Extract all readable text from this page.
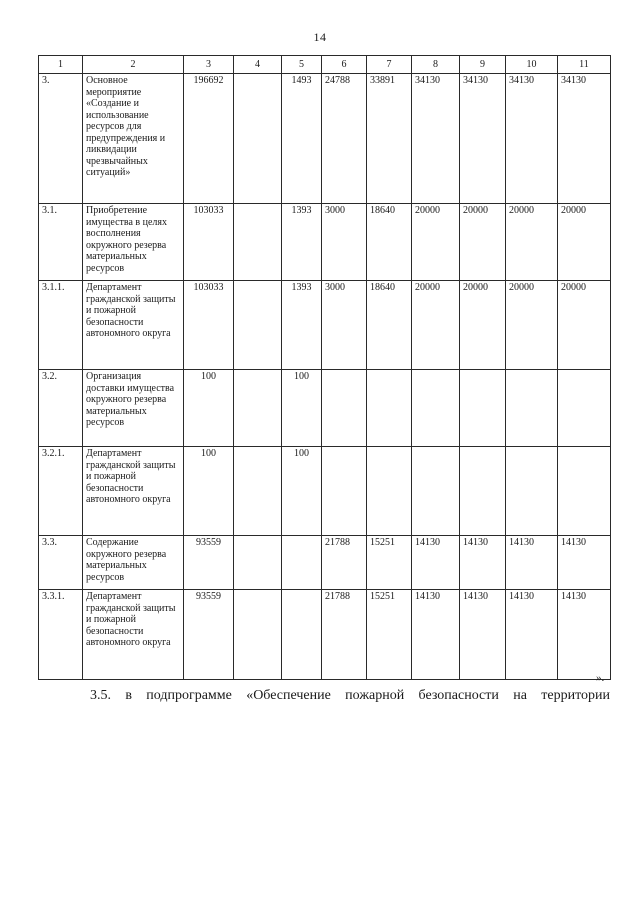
14
1	2	3	4	5	6	7	8	9	10	11
3.	Основное мероприятие «Создание и использование ресурсов для предупреждения и ликвидации чрезвычайных ситуаций»	196692		1493	24788	33891	34130	34130	34130	34130
3.1.	Приобретение имущества в целях восполнения окружного резерва материальных ресурсов	103033		1393	3000	18640	20000	20000	20000	20000
3.1.1.	Департамент гражданской защиты и пожарной безопасности автономного округа	103033		1393	3000	18640	20000	20000	20000	20000
3.2.	Организация доставки имущества окружного резерва материальных ресурсов	100		100						
3.2.1.	Департамент гражданской защиты и пожарной безопасности автономного округа	100		100						
3.3.	Содержание окружного резерва материальных ресурсов	93559			21788	15251	14130	14130	14130	14130
3.3.1.	Департамент гражданской защиты и пожарной безопасности автономного округа	93559			21788	15251	14130	14130	14130	14130
».
3.5. в подпрограмме «Обеспечение пожарной безопасности на территории
